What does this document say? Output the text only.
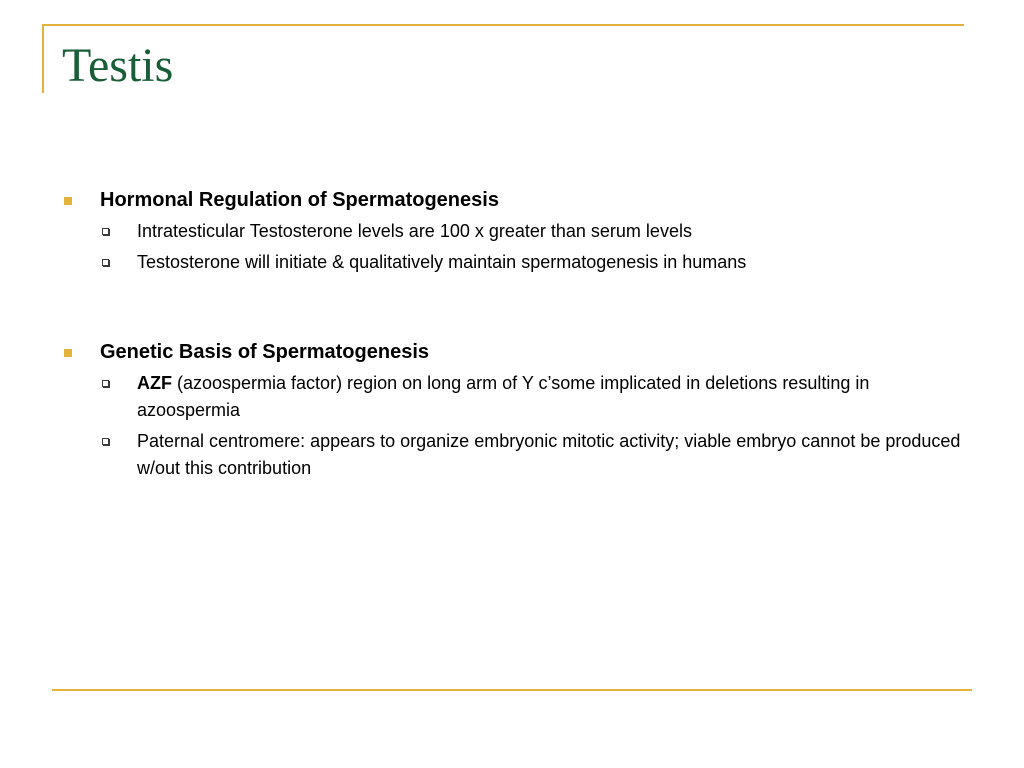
Testis
Hormonal Regulation of Spermatogenesis
Intratesticular Testosterone levels are 100 x greater than serum levels
Testosterone will initiate & qualitatively maintain spermatogenesis in humans
Genetic Basis of Spermatogenesis
AZF (azoospermia factor) region on long arm of Y c’some implicated in deletions resulting in azoospermia
Paternal centromere: appears to organize embryonic mitotic activity; viable embryo cannot be produced w/out this contribution
